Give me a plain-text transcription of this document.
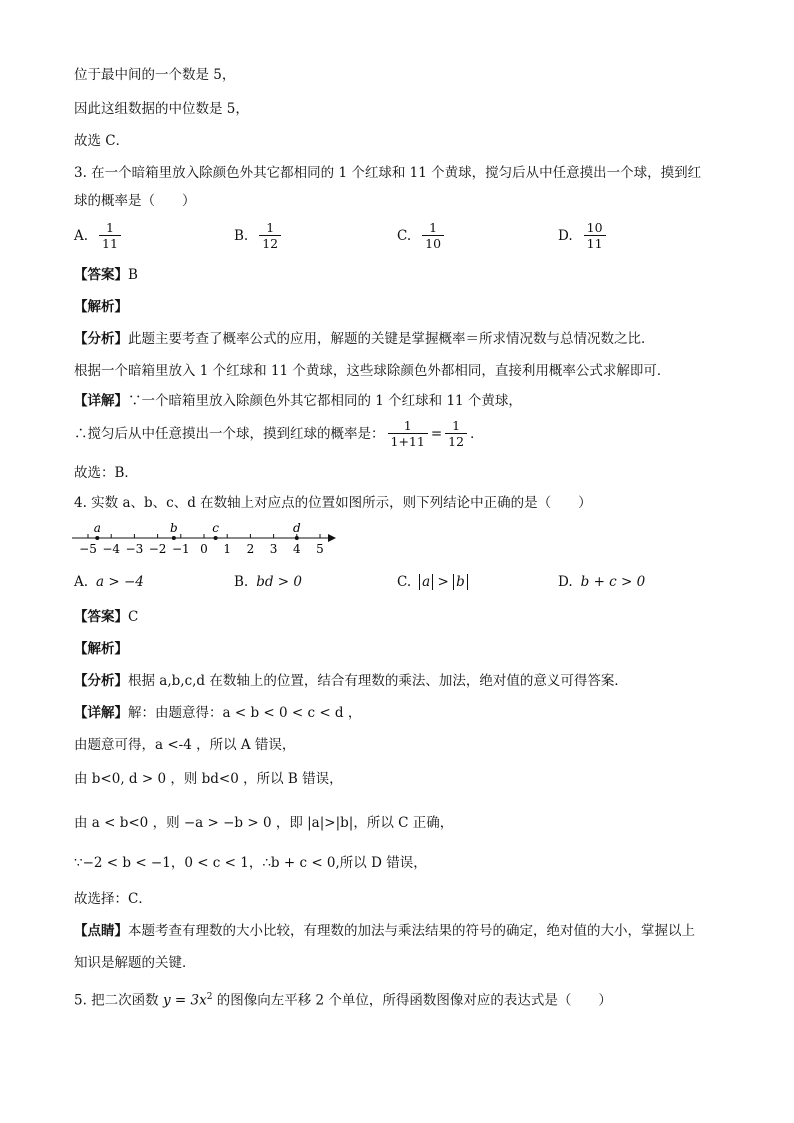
位于最中间的一个数是 5，
因此这组数据的中位数是 5，
故选 C．
3. 在一个暗箱里放入除颜色外其它都相同的 1 个红球和 11 个黄球，搅匀后从中任意摸出一个球，摸到红
球的概率是（　　）
A. $\frac{1}{11}$	B. $\frac{1}{12}$	C. $\frac{1}{10}$	D. $\frac{10}{11}$
【答案】B
【解析】
【分析】此题主要考查了概率公式的应用，解题的关键是掌握概率＝所求情况数与总情况数之比．
根据一个暗箱里放入 1 个红球和 11 个黄球，这些球除颜色外都相同，直接利用概率公式求解即可．
【详解】∵一个暗箱里放入除颜色外其它都相同的 1 个红球和 11 个黄球，
∴搅匀后从中任意摸出一个球，摸到红球的概率是： $\frac{1}{1+11} = \frac{1}{12}$ ．
故选：B．
4. 实数 a、b、c、d 在数轴上对应点的位置如图所示，则下列结论中正确的是（　　）
−5 −4 −3 −2 −1 0 1 2 3 4 5
a	b	c	d
A. a > −4	B. bd > 0	C. a > b	D. b + c > 0
【答案】C
【解析】
【分析】根据 a,b,c,d 在数轴上的位置，结合有理数的乘法、加法，绝对值的意义可得答案．
【详解】解：由题意得：a < b < 0 < c < d ，
由题意可得，a <-4 ，所以 A 错误，
由 b<0, d > 0 ，则 bd<0 ，所以 B 错误，
由 a < b<0 ，则 −a > −b > 0 ，即 |a|>|b|，所以 C 正确，
∵−2 < b < −1，0 < c < 1，∴b + c < 0,所以 D 错误，
故选择：C．
【点睛】本题考查有理数的大小比较，有理数的加法与乘法结果的符号的确定，绝对值的大小，掌握以上
知识是解题的关键．
5. 把二次函数 $y = 3x^2$ 的图像向左平移 2 个单位，所得函数图像对应的表达式是（　　）
